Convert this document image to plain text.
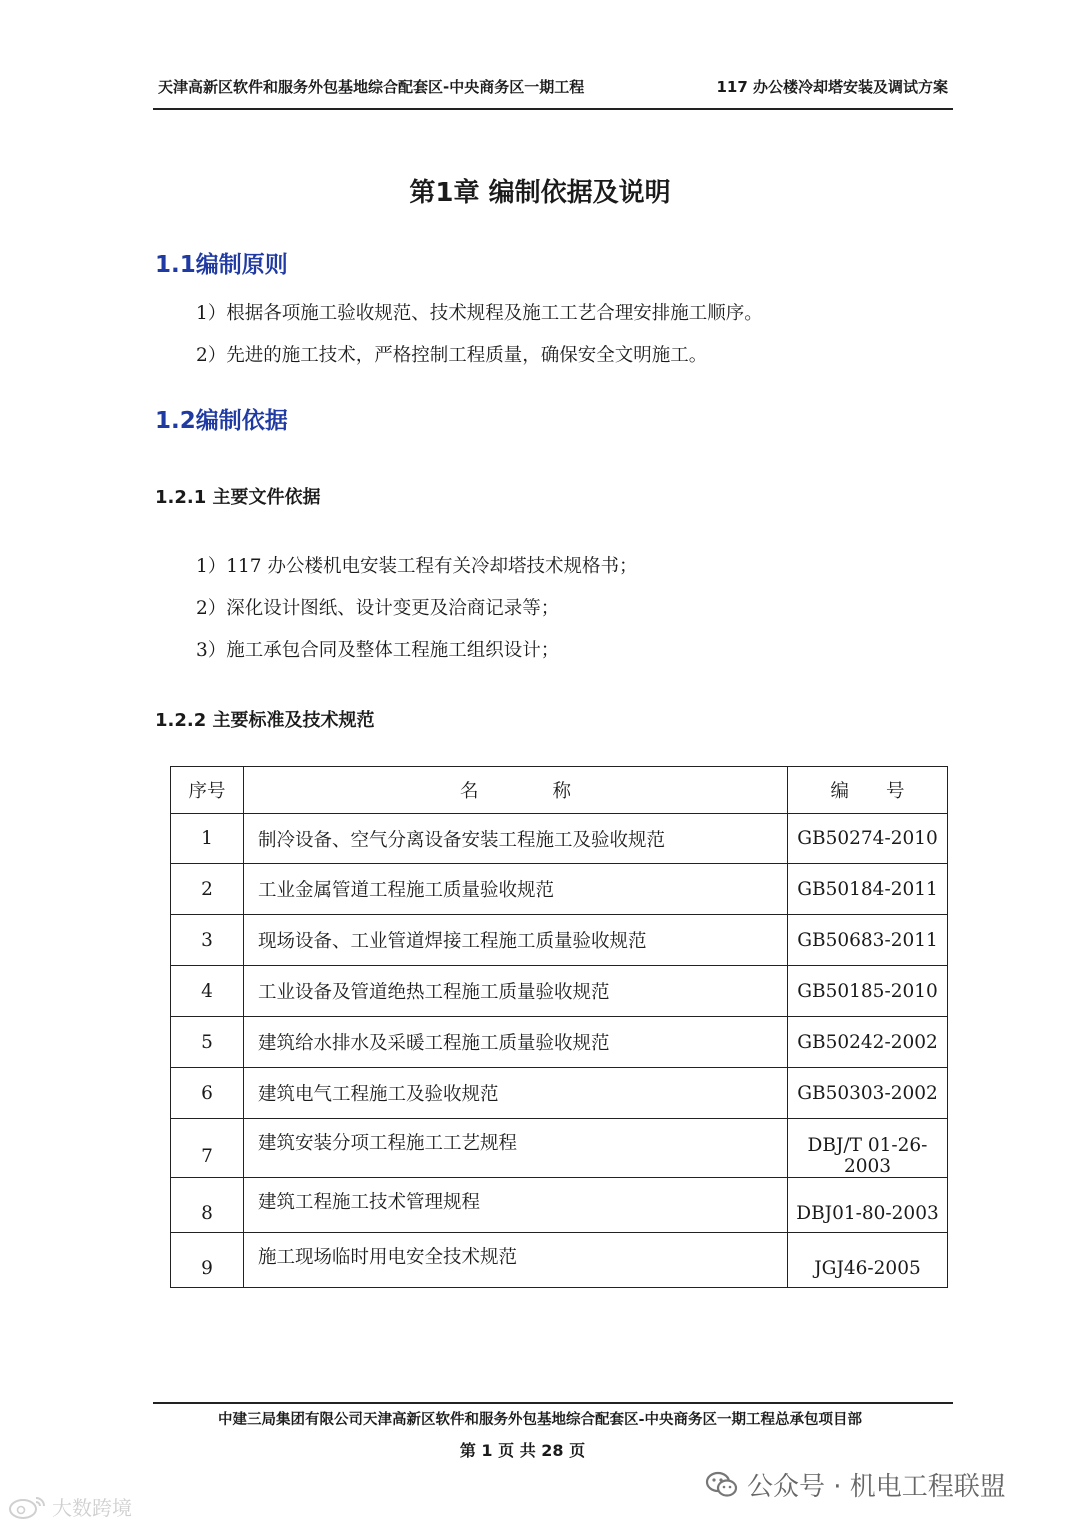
天津高新区软件和服务外包基地综合配套区-中央商务区一期工程	117 办公楼冷却塔安装及调试方案
第1章 编制依据及说明
1.1编制原则
1）根据各项施工验收规范、技术规程及施工工艺合理安排施工顺序。
2）先进的施工技术，严格控制工程质量，确保安全文明施工。
1.2编制依据
1.2.1 主要文件依据
1）117 办公楼机电安装工程有关冷却塔技术规格书；
2）深化设计图纸、设计变更及洽商记录等；
3）施工承包合同及整体工程施工组织设计；
1.2.2 主要标准及技术规范
序号	名　　　　称	编　　号
1	制冷设备、空气分离设备安装工程施工及验收规范	GB50274-2010
2	工业金属管道工程施工质量验收规范	GB50184-2011
3	现场设备、工业管道焊接工程施工质量验收规范	GB50683-2011
4	工业设备及管道绝热工程施工质量验收规范	GB50185-2010
5	建筑给水排水及采暖工程施工质量验收规范	GB50242-2002
6	建筑电气工程施工及验收规范	GB50303-2002
7	建筑安装分项工程施工工艺规程	DBJ/T 01-26-2003
8	建筑工程施工技术管理规程	DBJ01-80-2003
9	施工现场临时用电安全技术规范	JGJ46-2005
中建三局集团有限公司天津高新区软件和服务外包基地综合配套区-中央商务区一期工程总承包项目部
第 1 页 共 28 页
公众号 · 机电工程联盟
大数跨境
